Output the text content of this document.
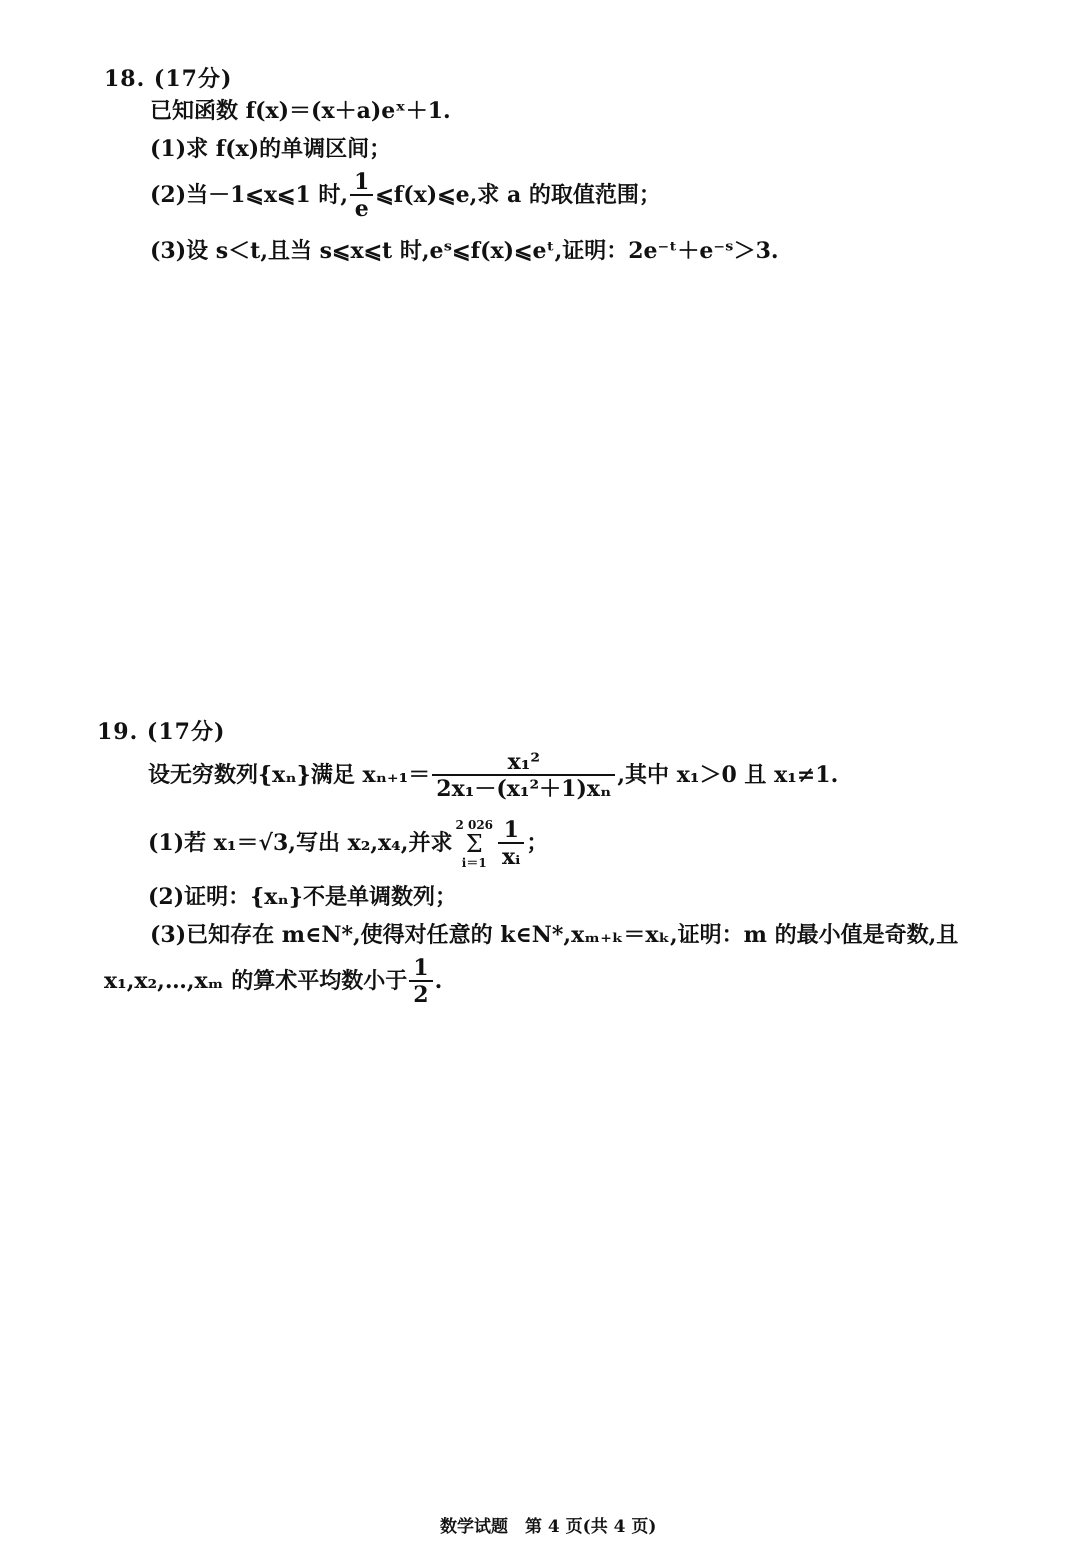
18. (17分)
已知函数 f(x)＝(x＋a)eˣ＋1.
(1)求 f(x)的单调区间；
(2)当－1⩽x⩽1 时, $\frac{1}{e}$ ⩽f(x)⩽e,求 a 的取值范围；
(3)设 s＜t,且当 s⩽x⩽t 时,eˢ⩽f(x)⩽eᵗ,证明：2e⁻ᵗ＋e⁻ˢ＞3.
19. (17分)
设无穷数列{xₙ}满足 $x_{n+1}= \frac{\text{x₁²}}{\text{2x₁－(x₁²＋1)xₙ}}$ ,其中 x₁＞0 且 x₁≠1.
(1)若 x₁＝√3,写出 x₂,x₄,并求
2 026
Σ
$i=1 \frac{1}{\text{xᵢ}}$ ；
(2)证明：{xₙ}不是单调数列；
(3)已知存在 m∈N*,使得对任意的 k∈N*,xₘ₊ₖ＝xₖ,证明：m 的最小值是奇数,且
x₁,x₂,…,xₘ 的算术平均数小于 $\frac{1}{2}$ .
数学试题　第 4 页(共 4 页)
